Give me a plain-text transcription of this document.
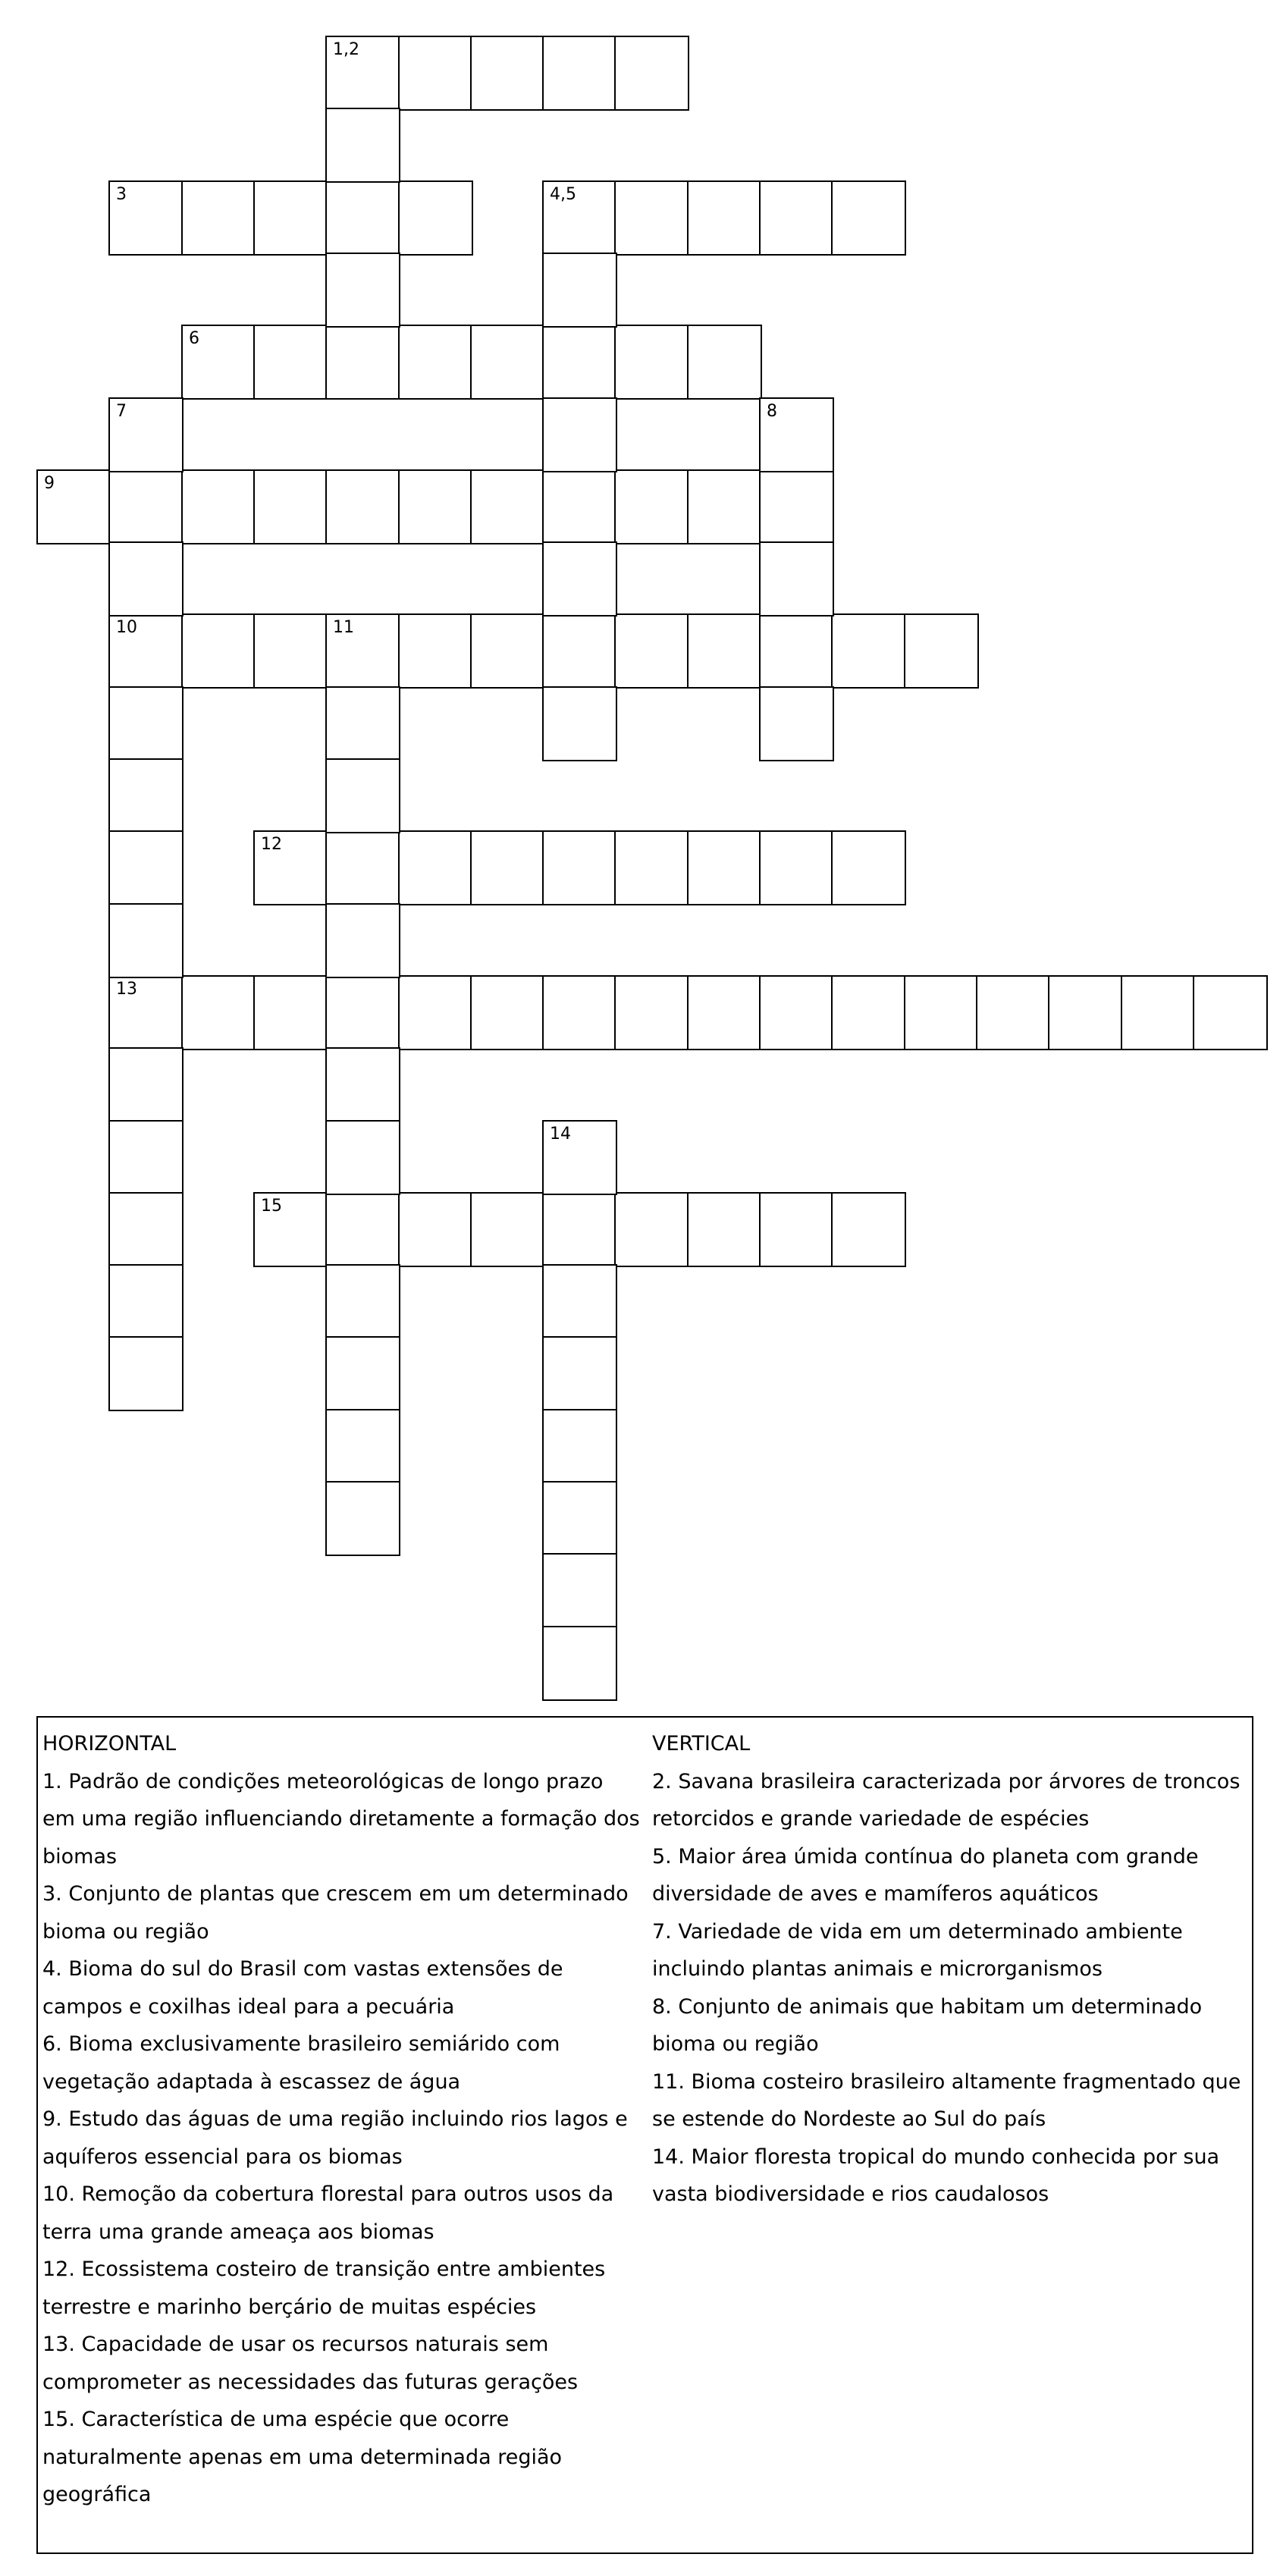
1,2
3	4,5
6
9
10	11
12
13
15
7	8
14
HORIZONTAL
1. Padrão de condições meteorológicas de longo prazo em uma região influenciando diretamente a formação dos biomas
3. Conjunto de plantas que crescem em um determinado bioma ou região
4. Bioma do sul do Brasil com vastas extensões de campos e coxilhas ideal para a pecuária
6. Bioma exclusivamente brasileiro semiárido com vegetação adaptada à escassez de água
9. Estudo das águas de uma região incluindo rios lagos e aquíferos essencial para os biomas
10. Remoção da cobertura florestal para outros usos da terra uma grande ameaça aos biomas
12. Ecossistema costeiro de transição entre ambientes terrestre e marinho berçário de muitas espécies
13. Capacidade de usar os recursos naturais sem comprometer as necessidades das futuras gerações
15. Característica de uma espécie que ocorre naturalmente apenas em uma determinada região geográfica
VERTICAL
2. Savana brasileira caracterizada por árvores de troncos retorcidos e grande variedade de espécies
5. Maior área úmida contínua do planeta com grande diversidade de aves e mamíferos aquáticos
7. Variedade de vida em um determinado ambiente incluindo plantas animais e microrganismos
8. Conjunto de animais que habitam um determinado bioma ou região
11. Bioma costeiro brasileiro altamente fragmentado que se estende do Nordeste ao Sul do país
14. Maior floresta tropical do mundo conhecida por sua vasta biodiversidade e rios caudalosos
